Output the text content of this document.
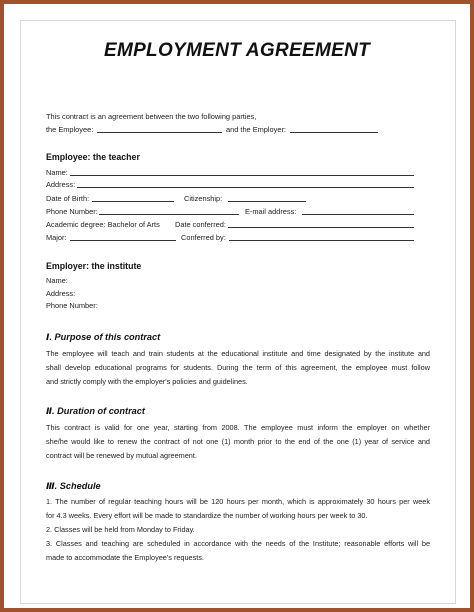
EMPLOYMENT AGREEMENT
This contract is an agreement between the two following parties,
the Employee:	and the Employer:
Employee: the teacher
Name:
Address:
Date of Birth:	Citizenship:
Phone Number:	E-mail address:
Academic degree: Bachelor of Arts Date conferred:
Major:	Conferred by:
Employer: the institute
Name:
Address:
Phone Number:
Ⅰ. Purpose of this contract
The employee will teach and train students at the educational institute and time designated by the institute and
shall develop educational programs for students. During the term of this agreement, the employee must follow
and strictly comply with the employer's policies and guidelines.
Ⅱ. Duration of contract
This contract is valid for one year, starting from 2008. The employee must inform the employer on whether
she/he would like to renew the contract of not one (1) month prior to the end of the one (1) year of service and
contract will be renewed by mutual agreement.
Ⅲ. Schedule
1. The number of regular teaching hours will be 120 hours per month, which is approximately 30 hours per week
for 4.3 weeks. Every effort will be made to standardize the number of working hours per week to 30.
2. Classes will be held from Monday to Friday.
3. Classes and teaching are scheduled in accordance with the needs of the Institute; reasonable efforts will be
made to accommodate the Employee's requests.
